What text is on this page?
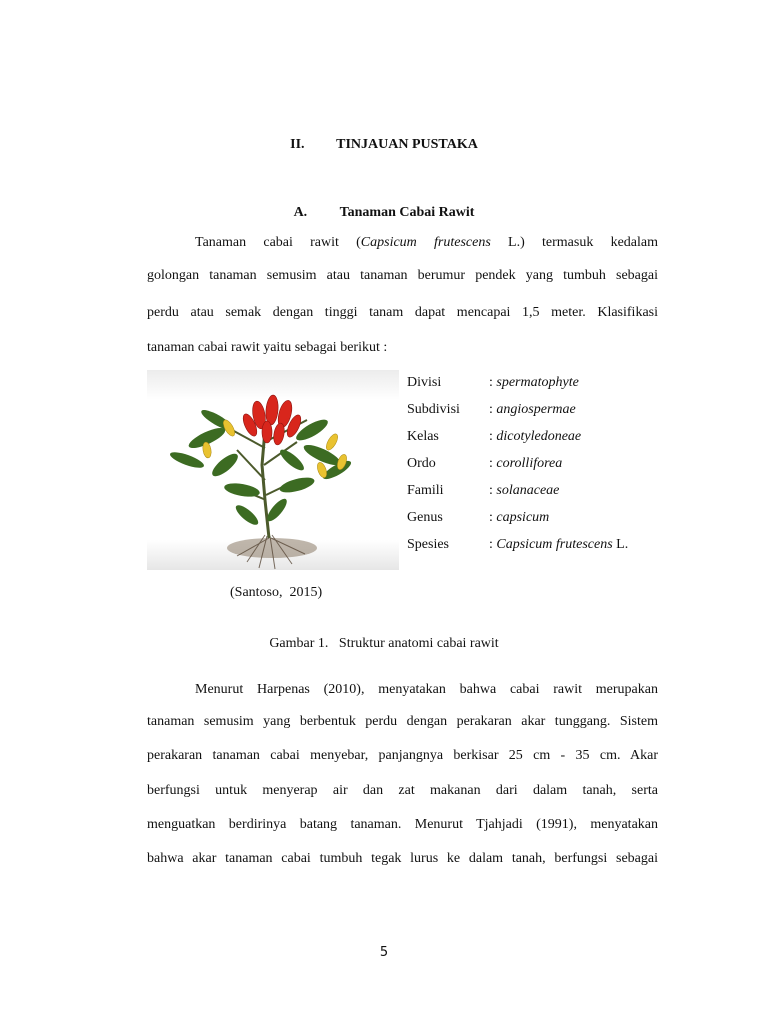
II. TINJAUAN PUSTAKA
A. Tanaman Cabai Rawit
Tanaman cabai rawit (Capsicum frutescens L.) termasuk kedalam
golongan tanaman semusim atau tanaman berumur pendek yang tumbuh sebagai
perdu atau semak dengan tinggi tanam dapat mencapai 1,5 meter. Klasifikasi
tanaman cabai rawit yaitu sebagai berikut :
Divisi	: spermatophyte
Subdivisi	: angiospermae
Kelas	: dicotyledoneae
Ordo	: corolliforea
Famili	: solanaceae
Genus	: capsicum
Spesies	: Capsicum frutescens L.
(Santoso,  2015)
Gambar 1.   Struktur anatomi cabai rawit
Menurut Harpenas (2010), menyatakan bahwa cabai rawit merupakan
tanaman semusim yang berbentuk perdu dengan perakaran akar tunggang. Sistem
perakaran tanaman cabai menyebar, panjangnya berkisar 25 cm - 35 cm. Akar
berfungsi untuk menyerap air dan zat makanan dari dalam tanah, serta
menguatkan berdirinya batang tanaman. Menurut Tjahjadi (1991), menyatakan
bahwa akar tanaman cabai tumbuh tegak lurus ke dalam tanah, berfungsi sebagai
5
